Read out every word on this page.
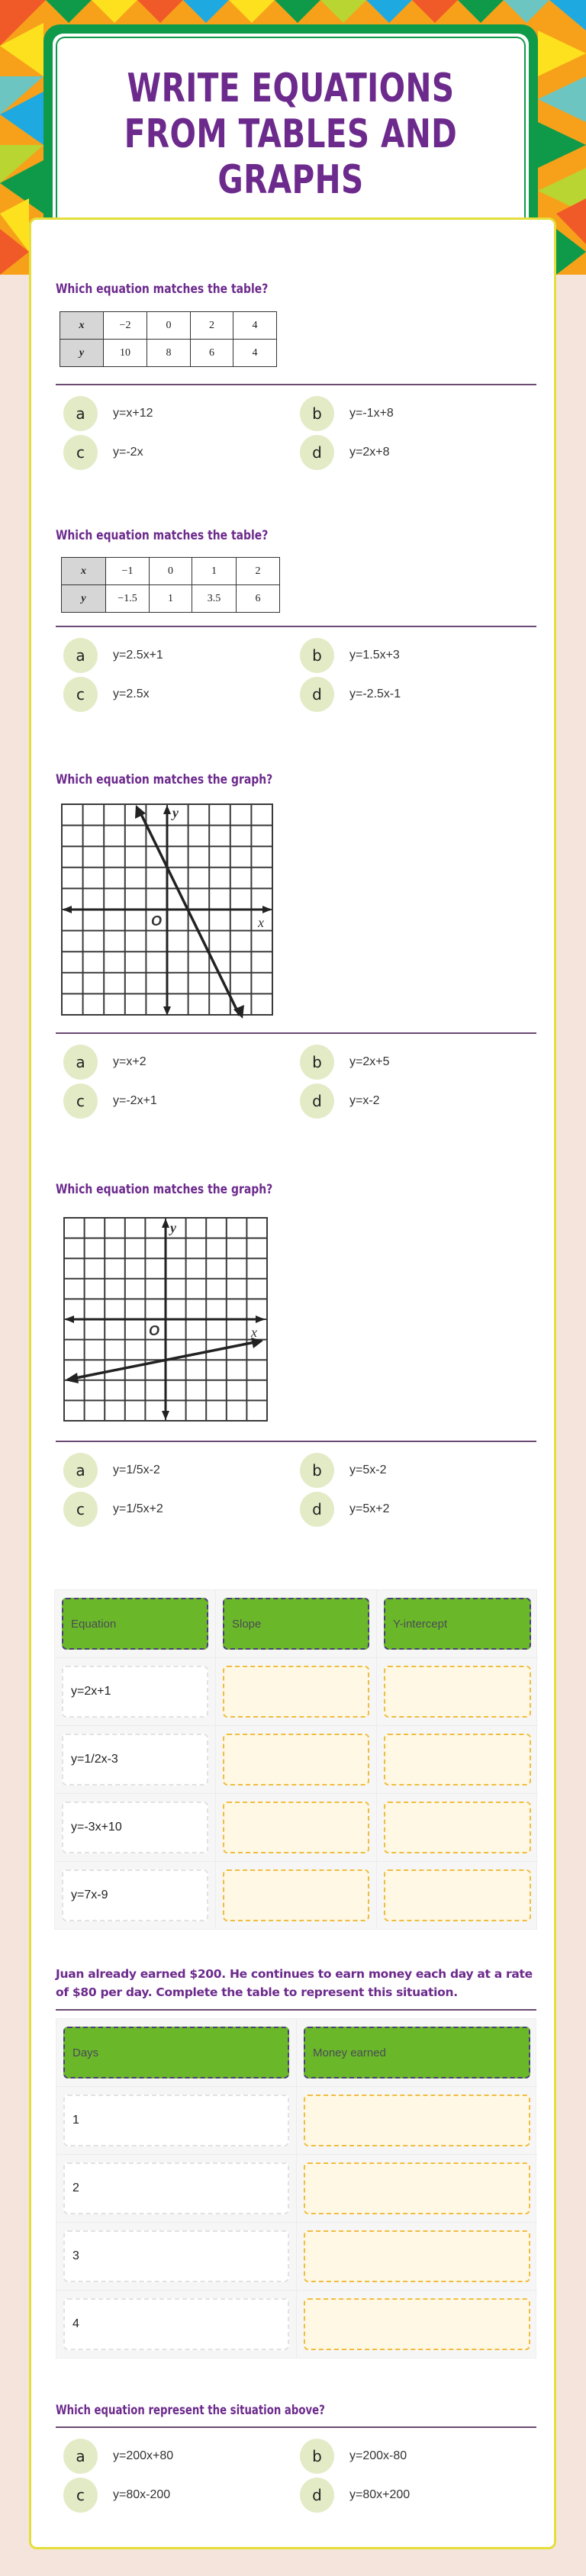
WRITE EQUATIONS FROM TABLES AND GRAPHS
Which equation matches the table?
x	−2	0	2	4
y	10	8	6	4
a	y=x+12	b	y=-1x+8
c	y=-2x	d	y=2x+8
Which equation matches the table?
x	−1	0	1	2
y	−1.5	1	3.5	6
a	y=2.5x+1	b	y=1.5x+3
c	y=2.5x	d	y=-2.5x-1
Which equation matches the graph?
y
O	x
a	y=x+2	b	y=2x+5
c	y=-2x+1	d	y=x-2
Which equation matches the graph?
y
O	x
a	y=1/5x-2	b	y=5x-2
c	y=1/5x+2	d	y=5x+2
Equation	Slope	Y-intercept
y=2x+1
y=1/2x-3
y=-3x+10
y=7x-9
Juan already earned $200. He continues to earn money each day at a rate of $80 per day. Complete the table to represent this situation.
Days	Money earned
1
2
3
4
Which equation represent the situation above?
a	y=200x+80	b	y=200x-80
c	y=80x-200	d	y=80x+200
